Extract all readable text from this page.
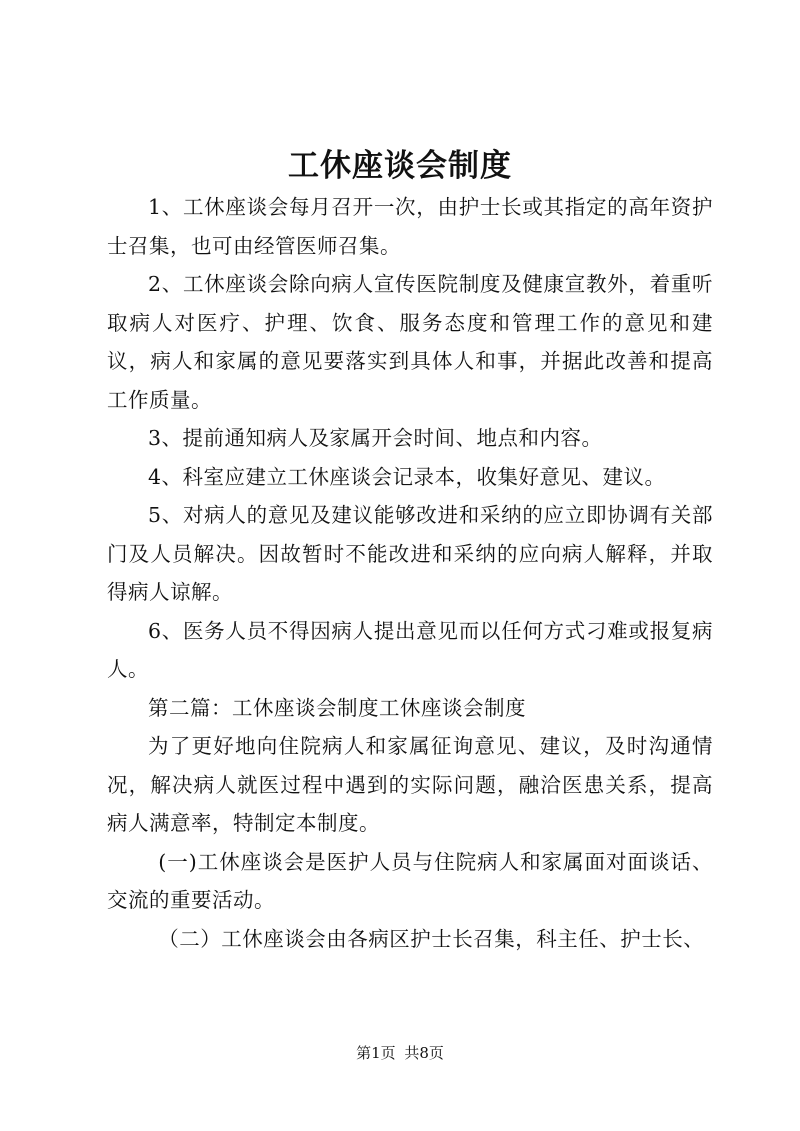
工休座谈会制度

1、工休座谈会每月召开一次，由护士长或其指定的高年资护士召集，也可由经管医师召集。

2、工休座谈会除向病人宣传医院制度及健康宣教外，着重听取病人对医疗、护理、饮食、服务态度和管理工作的意见和建议，病人和家属的意见要落实到具体人和事，并据此改善和提高工作质量。

3、提前通知病人及家属开会时间、地点和内容。

4、科室应建立工休座谈会记录本，收集好意见、建议。

5、对病人的意见及建议能够改进和采纳的应立即协调有关部门及人员解决。因故暂时不能改进和采纳的应向病人解释，并取得病人谅解。

6、医务人员不得因病人提出意见而以任何方式刁难或报复病人。

第二篇：工休座谈会制度工休座谈会制度

为了更好地向住院病人和家属征询意见、建议，及时沟通情况，解决病人就医过程中遇到的实际问题，融洽医患关系，提高病人满意率，特制定本制度。

(一)工休座谈会是医护人员与住院病人和家属面对面谈话、交流的重要活动。

（二）工休座谈会由各病区护士长召集，科主任、护士长、

第1页 共8页
